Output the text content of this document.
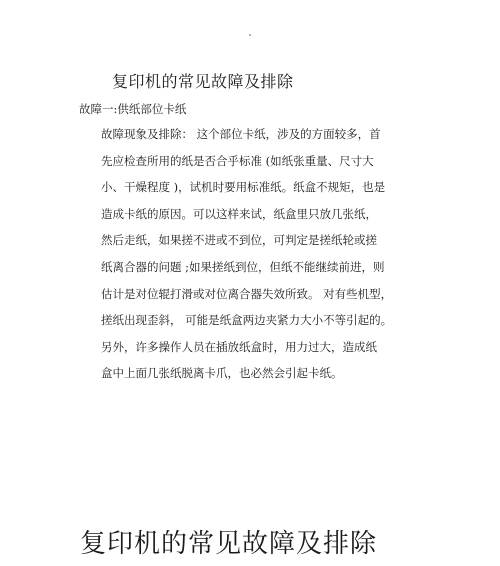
复印机的常见故障及排除
故障一:供纸部位卡纸
故障现象及排除： 这个部位卡纸，涉及的方面较多，首
先应检查所用的纸是否合乎标准 (如纸张重量、尺寸大
小、干燥程度 )，试机时要用标准纸。纸盒不规矩，也是
造成卡纸的原因。可以这样来试，纸盒里只放几张纸，
然后走纸，如果搓不进或不到位，可判定是搓纸轮或搓
纸离合器的问题 ;如果搓纸到位，但纸不能继续前进，则
估计是对位辊打滑或对位离合器失效所致。 对有些机型，
搓纸出现歪斜， 可能是纸盒两边夹紧力大小不等引起的。
另外，许多操作人员在插放纸盒时，用力过大，造成纸
盒中上面几张纸脱离卡爪，也必然会引起卡纸。
复印机的常见故障及排除
